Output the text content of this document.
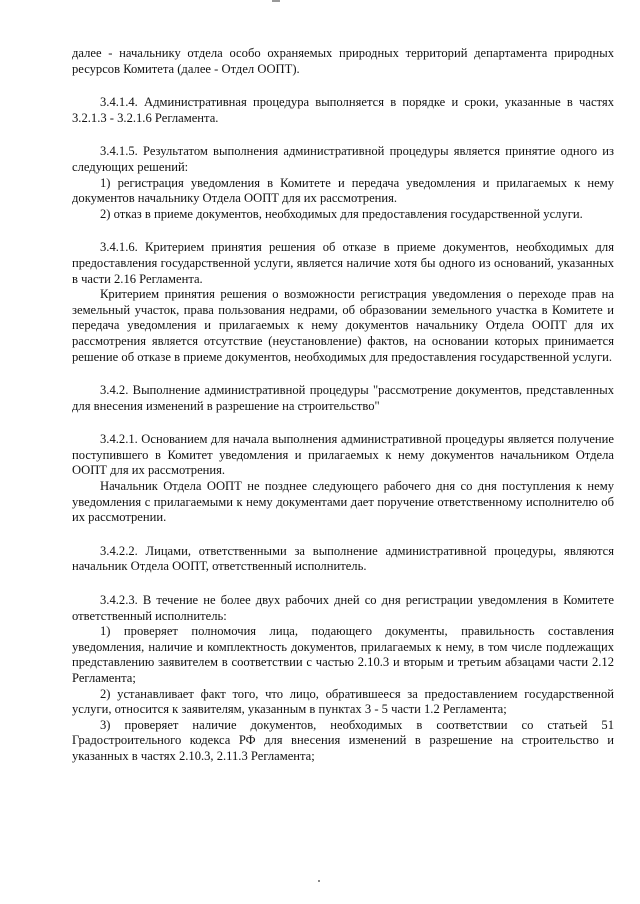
далее - начальнику отдела особо охраняемых природных территорий департамента природных ресурсов Комитета (далее - Отдел ООПТ).

3.4.1.4. Административная процедура выполняется в порядке и сроки, указанные в частях 3.2.1.3 - 3.2.1.6 Регламента.

3.4.1.5. Результатом выполнения административной процедуры является принятие одного из следующих решений:

1) регистрация уведомления в Комитете и передача уведомления и прилагаемых к нему документов начальнику Отдела ООПТ для их рассмотрения.

2) отказ в приеме документов, необходимых для предоставления государственной услуги.

3.4.1.6. Критерием принятия решения об отказе в приеме документов, необходимых для предоставления государственной услуги, является наличие хотя бы одного из оснований, указанных в части 2.16 Регламента.

Критерием принятия решения о возможности регистрация уведомления о переходе прав на земельный участок, права пользования недрами, об образовании земельного участка в Комитете и передача уведомления и прилагаемых к нему документов начальнику Отдела ООПТ для их рассмотрения является отсутствие (неустановление) фактов, на основании которых принимается решение об отказе в приеме документов, необходимых для предоставления государственной услуги.

3.4.2. Выполнение административной процедуры "рассмотрение документов, представленных для внесения изменений в разрешение на строительство"

3.4.2.1. Основанием для начала выполнения административной процедуры является получение поступившего в Комитет уведомления и прилагаемых к нему документов начальником Отдела ООПТ для их рассмотрения.

Начальник Отдела ООПТ не позднее следующего рабочего дня со дня поступления к нему уведомления с прилагаемыми к нему документами дает поручение ответственному исполнителю об их рассмотрении.

3.4.2.2. Лицами, ответственными за выполнение административной процедуры, являются начальник Отдела ООПТ, ответственный исполнитель.

3.4.2.3. В течение не более двух рабочих дней со дня регистрации уведомления в Комитете ответственный исполнитель:

1) проверяет полномочия лица, подающего документы, правильность составления уведомления, наличие и комплектность документов, прилагаемых к нему, в том числе подлежащих представлению заявителем в соответствии с частью 2.10.3 и вторым и третьим абзацами части 2.12 Регламента;

2) устанавливает факт того, что лицо, обратившееся за предоставлением государственной услуги, относится к заявителям, указанным в пунктах 3 - 5 части 1.2 Регламента;

3) проверяет наличие документов, необходимых в соответствии со статьей 51 Градостроительного кодекса РФ для внесения изменений в разрешение на строительство и указанных в частях 2.10.3, 2.11.3 Регламента;
